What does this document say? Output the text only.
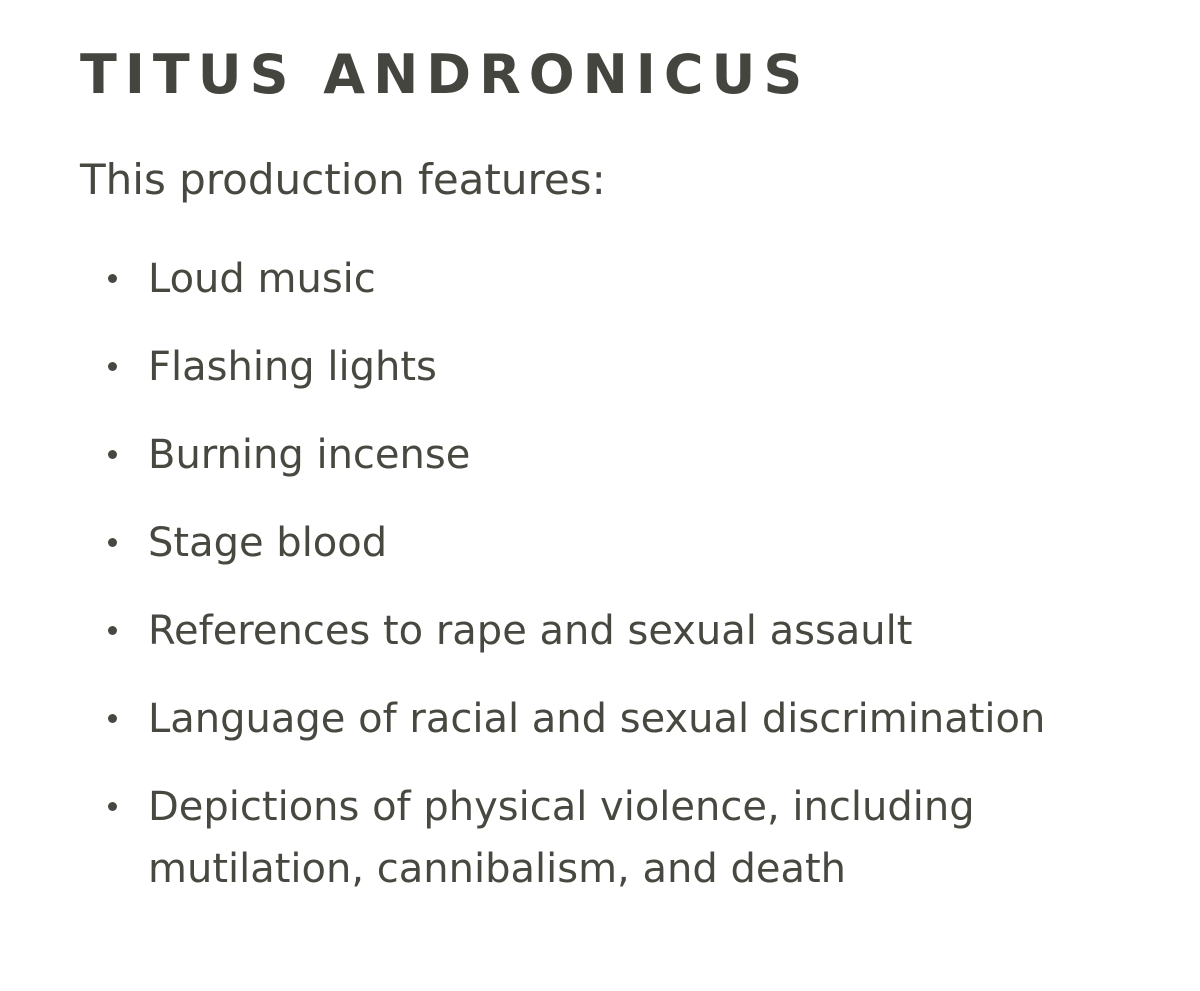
TITUS ANDRONICUS

This production features:

Loud music
Flashing lights
Burning incense
Stage blood
References to rape and sexual assault
Language of racial and sexual discrimination
Depictions of physical violence, including mutilation, cannibalism, and death
